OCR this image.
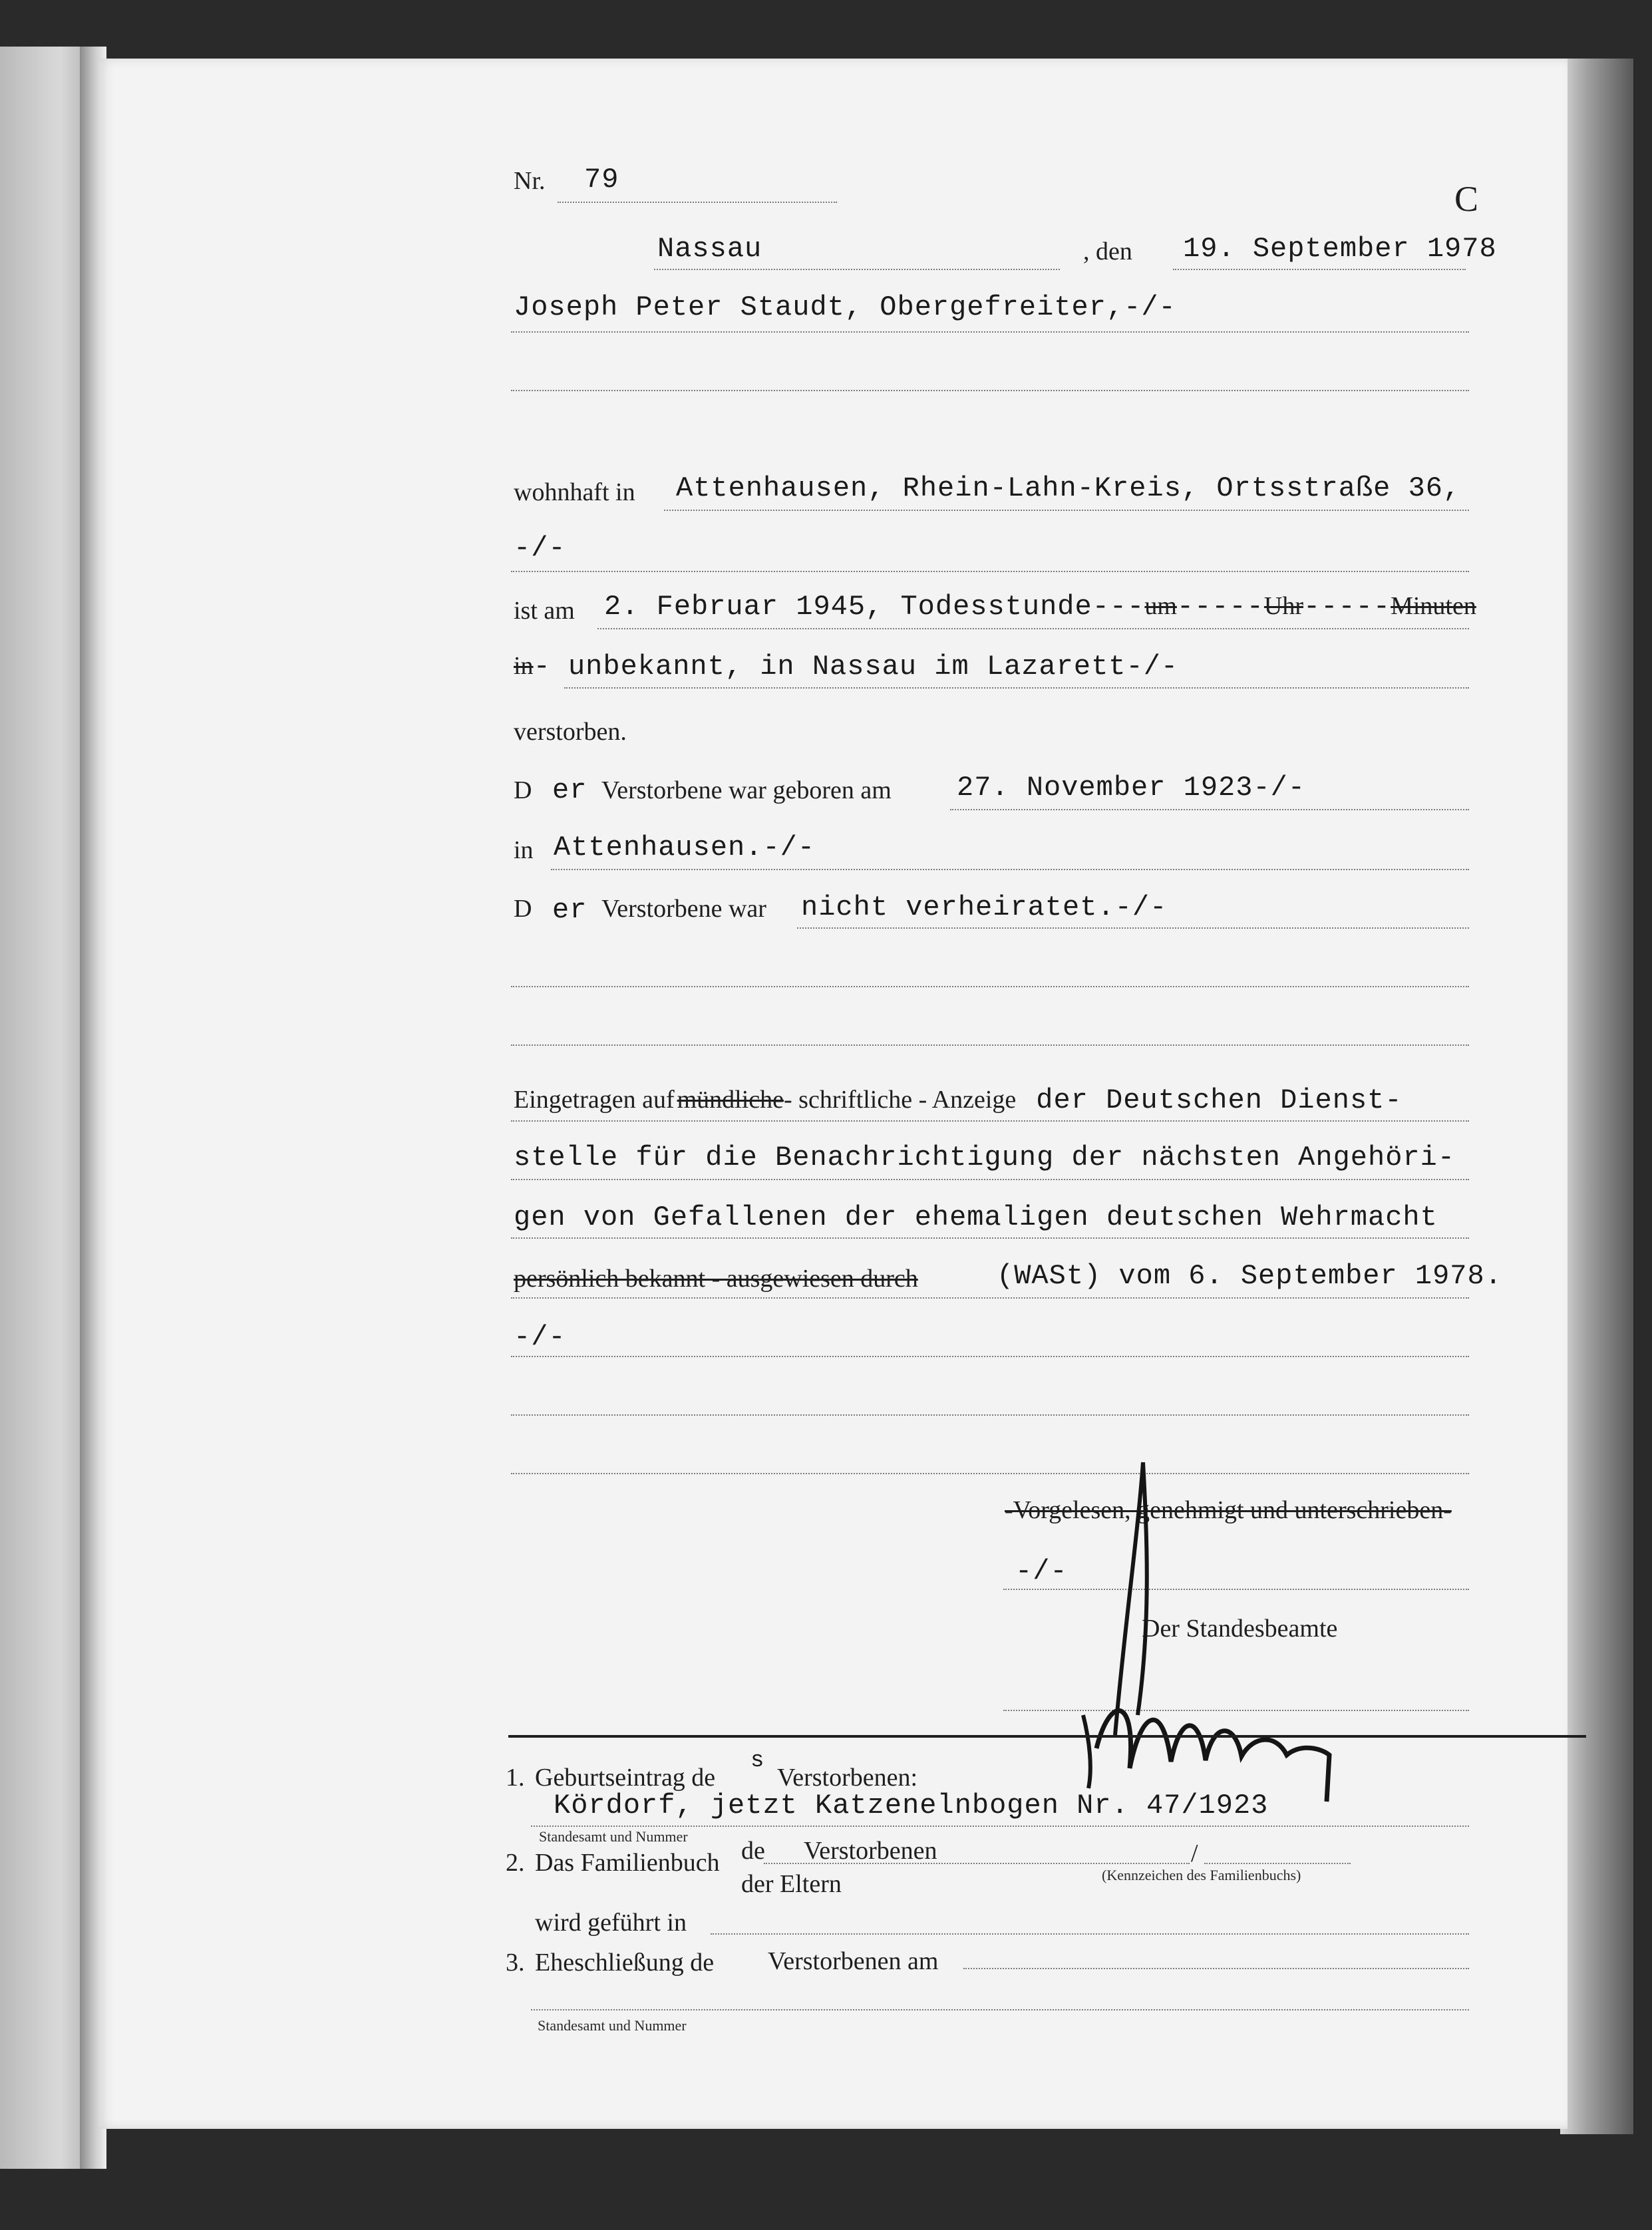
Nr. 79	C
Nassau	, den 19. September 1978
Joseph Peter Staudt, Obergefreiter,-/-
wohnhaft in Attenhausen, Rhein-Lahn-Kreis, Ortsstraße 36,
-/-
ist am 2. Februar 1945, Todesstunde---um-----Uhr-----Minuten
in- unbekannt, in Nassau im Lazarett-/-
verstorben.
D er Verstorbene war geboren am 27. November 1923-/-
in Attenhausen.-/-
D er Verstorbene war nicht verheiratet.-/-
Eingetragen auf mündliche- schriftliche - Anzeige der Deutschen Dienst-
stelle für die Benachrichtigung der nächsten Angehöri-
gen von Gefallenen der ehemaligen deutschen Wehrmacht
persönlich bekannt - ausgewiesen durch	(WASt) vom 6. September 1978.
-/-
-Vorgelesen, genehmigt und unterschrieben-
-/-
Der Standesbeamte
1. Geburtseintrag de
s
Verstorbenen:
Kördorf, jetzt Katzenelnbogen Nr. 47/1923
Standesamt und Nummer
2. Das Familienbuch de Verstorbenen	/
(Kennzeichen des Familienbuchs)
der Eltern
wird geführt in
3. Eheschließung de Verstorbenen am
Standesamt und Nummer
